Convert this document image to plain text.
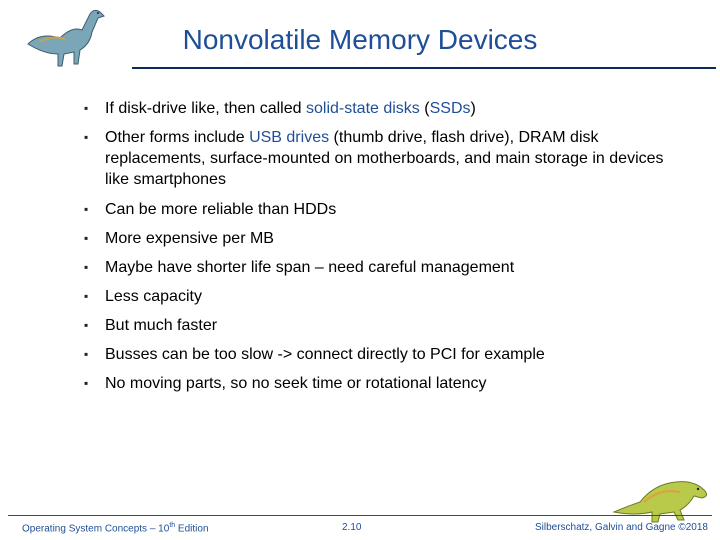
Nonvolatile Memory Devices
▪ If disk-drive like, then called solid-state disks (SSDs)
▪ Other forms include USB drives (thumb drive, flash drive), DRAM disk replacements, surface-mounted on motherboards, and main storage in devices like smartphones
▪ Can be more reliable than HDDs
▪ More expensive per MB
▪ Maybe have shorter life span – need careful management
▪ Less capacity
▪ But much faster
▪ Busses can be too slow -> connect directly to PCI for example
▪ No moving parts, so no seek time or rotational latency
Operating System Concepts – 10th Edition	2.10	Silberschatz, Galvin and Gagne ©2018
